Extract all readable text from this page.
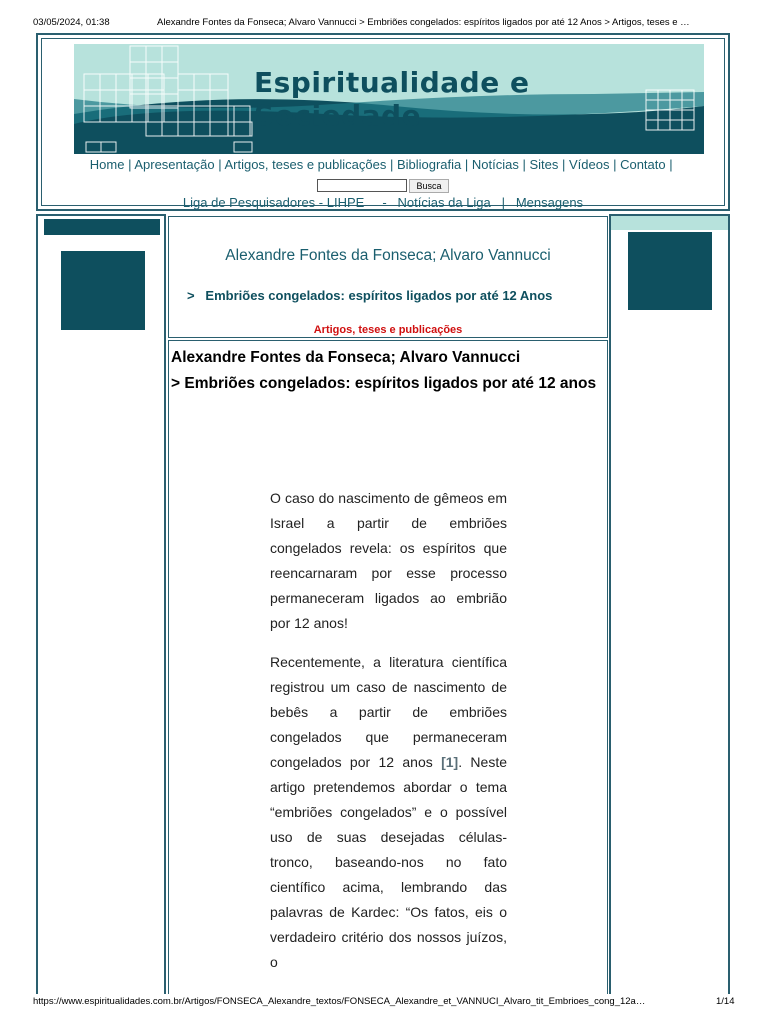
03/05/2024, 01:38	Alexandre Fontes da Fonseca; Alvaro Vannucci > Embriões congelados: espíritos ligados por até 12 Anos > Artigos, teses e …
Espiritualidade e Sociedade
Home | Apresentação | Artigos, teses e publicações | Bibliografia | Notícias | Sites | Vídeos | Contato |
Busca
Liga de Pesquisadores - LIHPE     -   Notícias da Liga   |   Mensagens
Alexandre Fontes da Fonseca; Alvaro Vannucci
>   Embriões congelados: espíritos ligados por até 12 Anos
Artigos, teses e publicações
Alexandre Fontes da Fonseca; Alvaro Vannucci
> Embriões congelados: espíritos ligados por até 12 anos

O caso do nascimento de gêmeos em Israel a partir de embriões congelados revela: os espíritos que reencarnaram por esse processo permaneceram ligados ao embrião por 12 anos!

Recentemente, a literatura científica registrou um caso de nascimento de bebês a partir de embriões congelados que permaneceram congelados por 12 anos [1]. Neste artigo pretendemos abordar o tema “embriões congelados” e o possível uso de suas desejadas células-tronco, baseando-nos no fato científico acima, lembrando das palavras de Kardec: “Os fatos, eis o verdadeiro critério dos nossos juízos, o

https://www.espiritualidades.com.br/Artigos/FONSECA_Alexandre_textos/FONSECA_Alexandre_et_VANNUCI_Alvaro_tit_Embrioes_cong_12a…	1/14
